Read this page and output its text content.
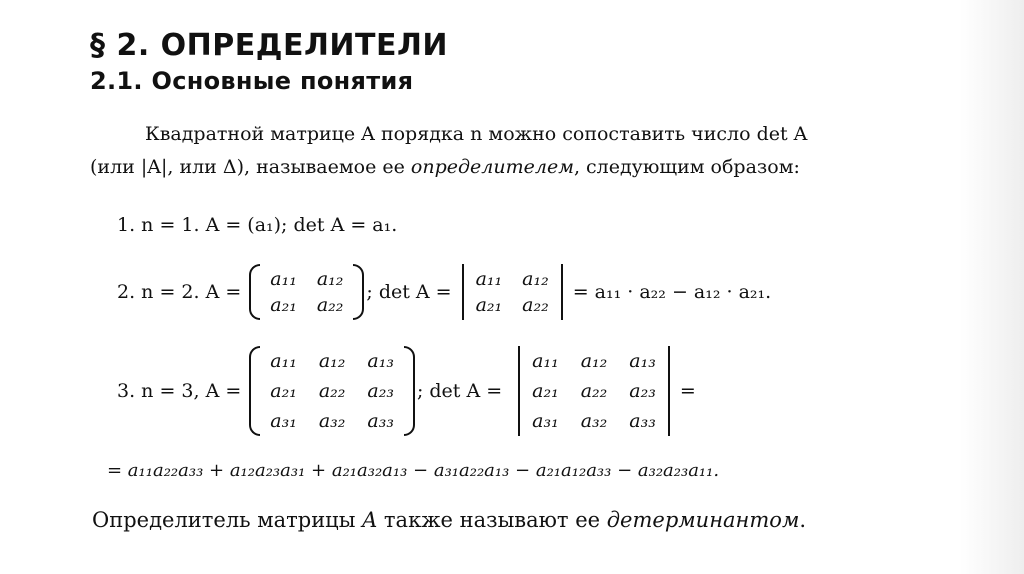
§ 2. ОПРЕДЕЛИТЕЛИ
2.1. Основные понятия
Квадратной матрице A порядка n можно сопоставить число det A
(или |A|, или Δ), называемое ее определителем, следующим образом:
1. n = 1. A = (a₁); det A = a₁.
2. n = 2. A =
a₁₁ a₁₂
a₂₁ a₂₂
; det A =
a₁₁ a₁₂
a₂₁ a₂₂
= a₁₁ · a₂₂ − a₁₂ · a₂₁.
3. n = 3, A =
a₁₁ a₁₂ a₁₃
a₂₁ a₂₂ a₂₃
a₃₁ a₃₂ a₃₃
; det A =
a₁₁ a₁₂ a₁₃
a₂₁ a₂₂ a₂₃
a₃₁ a₃₂ a₃₃
=
= a₁₁a₂₂a₃₃ + a₁₂a₂₃a₃₁ + a₂₁a₃₂a₁₃ − a₃₁a₂₂a₁₃ − a₂₁a₁₂a₃₃ − a₃₂a₂₃a₁₁.
Определитель матрицы A также называют ее детерминантом.
